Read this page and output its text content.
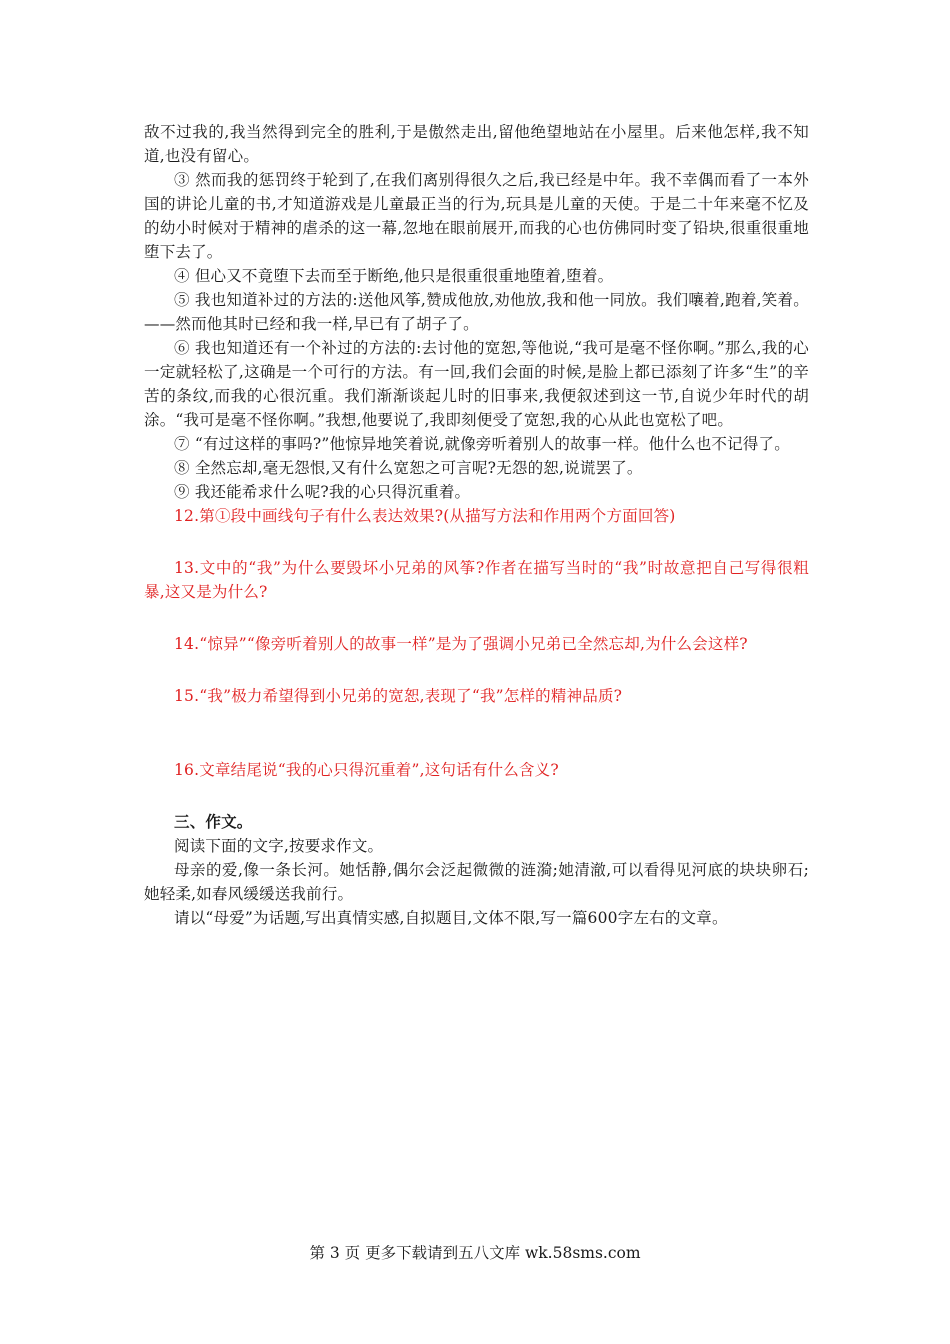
敌不过我的,我当然得到完全的胜利,于是傲然走出,留他绝望地站在小屋里。后来他怎样,我不知道,也没有留心。

③ 然而我的惩罚终于轮到了,在我们离别得很久之后,我已经是中年。我不幸偶而看了一本外国的讲论儿童的书,才知道游戏是儿童最正当的行为,玩具是儿童的天使。于是二十年来毫不忆及的幼小时候对于精神的虐杀的这一幕,忽地在眼前展开,而我的心也仿佛同时变了铅块,很重很重地堕下去了。

④ 但心又不竟堕下去而至于断绝,他只是很重很重地堕着,堕着。

⑤ 我也知道补过的方法的:送他风筝,赞成他放,劝他放,我和他一同放。我们嚷着,跑着,笑着。——然而他其时已经和我一样,早已有了胡子了。

⑥ 我也知道还有一个补过的方法的:去讨他的宽恕,等他说,“我可是毫不怪你啊。”那么,我的心一定就轻松了,这确是一个可行的方法。有一回,我们会面的时候,是脸上都已添刻了许多“生”的辛苦的条纹,而我的心很沉重。我们渐渐谈起儿时的旧事来,我便叙述到这一节,自说少年时代的胡涂。“我可是毫不怪你啊。”我想,他要说了,我即刻便受了宽恕,我的心从此也宽松了吧。

⑦ “有过这样的事吗?”他惊异地笑着说,就像旁听着别人的故事一样。他什么也不记得了。

⑧ 全然忘却,毫无怨恨,又有什么宽恕之可言呢?无怨的恕,说谎罢了。

⑨ 我还能希求什么呢?我的心只得沉重着。

12.第①段中画线句子有什么表达效果?(从描写方法和作用两个方面回答)

13.文中的“我”为什么要毁坏小兄弟的风筝?作者在描写当时的“我”时故意把自己写得很粗暴,这又是为什么?

14.“惊异”“像旁听着别人的故事一样”是为了强调小兄弟已全然忘却,为什么会这样?

15.“我”极力希望得到小兄弟的宽恕,表现了“我”怎样的精神品质?

16.文章结尾说“我的心只得沉重着”,这句话有什么含义?

三、作文。

阅读下面的文字,按要求作文。

母亲的爱,像一条长河。她恬静,偶尔会泛起微微的涟漪;她清澈,可以看得见河底的块块卵石;她轻柔,如春风缓缓送我前行。

请以“母爱”为话题,写出真情实感,自拟题目,文体不限,写一篇600字左右的文章。

第 3 页 更多下载请到五八文库 wk.58sms.com
